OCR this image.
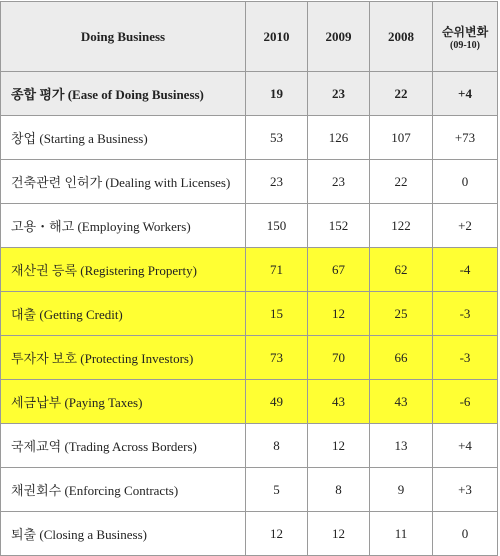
Doing Business	2010	2009	2008	순위변화
(09-10)

종합 평가 (Ease of Doing Business)	19	23	22	+4
창업 (Starting a Business)	53	126	107	+73
건축관련 인허가 (Dealing with Licenses)	23	23	22	0
고용・해고 (Employing Workers)	150	152	122	+2
재산권 등록 (Registering Property)	71	67	62	-4
대출 (Getting Credit)	15	12	25	-3
투자자 보호 (Protecting Investors)	73	70	66	-3
세금납부 (Paying Taxes)	49	43	43	-6
국제교역 (Trading Across Borders)	8	12	13	+4
채권회수 (Enforcing Contracts)	5	8	9	+3
퇴출 (Closing a Business)	12	12	11	0
